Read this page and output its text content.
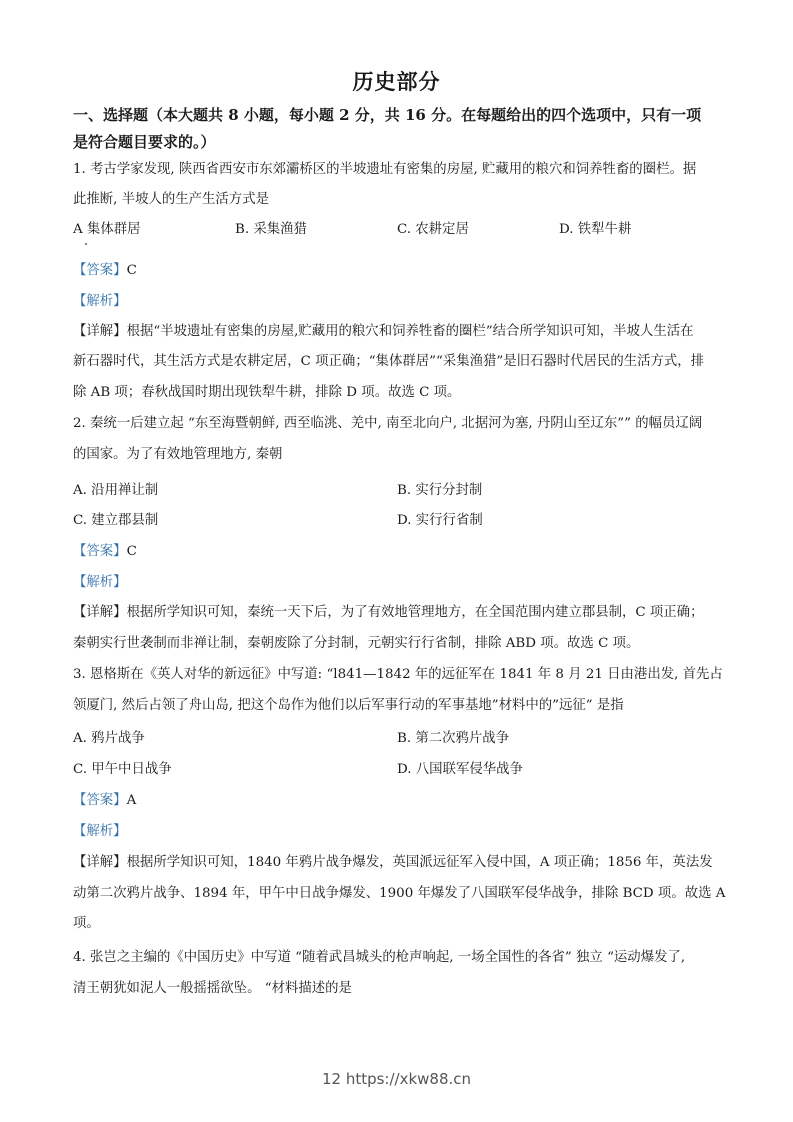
历史部分
一、选择题（本大题共 8 小题，每小题 2 分，共 16 分。在每题给出的四个选项中，只有一项
是符合题目要求的。）
1. 考古学家发现, 陕西省西安市东郊灞桥区的半坡遗址有密集的房屋, 贮藏用的粮穴和饲养牲畜的圈栏。据
此推断, 半坡人的生产生活方式是
A 集体群居	B. 采集渔猎	C. 农耕定居	D. 铁犁牛耕
【答案】C
【解析】
【详解】根据“半坡遗址有密集的房屋,贮藏用的粮穴和饲养牲畜的圈栏”结合所学知识可知，半坡人生活在
新石器时代，其生活方式是农耕定居，C 项正确；“集体群居”“采集渔猎”是旧石器时代居民的生活方式，排
除 AB 项；春秋战国时期出现铁犁牛耕，排除 D 项。故选 C 项。
2. 秦统一后建立起 “东至海暨朝鲜, 西至临洮、羌中, 南至北向户, 北据河为塞, 丹阴山至辽东”” 的幅员辽阔
的国家。为了有效地管理地方, 秦朝
A. 沿用禅让制	B. 实行分封制
C. 建立郡县制	D. 实行行省制
【答案】C
【解析】
【详解】根据所学知识可知，秦统一天下后，为了有效地管理地方，在全国范围内建立郡县制，C 项正确；
秦朝实行世袭制而非禅让制，秦朝废除了分封制，元朝实行行省制，排除 ABD 项。故选 C 项。
3. 恩格斯在《英人对华的新远征》中写道: “l841—1842 年的远征军在 1841 年 8 月 21 日由港出发, 首先占
领厦门, 然后占领了舟山岛, 把这个岛作为他们以后军事行动的军事基地”材料中的”远征” 是指
A. 鸦片战争	B. 第二次鸦片战争
C. 甲午中日战争	D. 八国联军侵华战争
【答案】A
【解析】
【详解】根据所学知识可知，1840 年鸦片战争爆发，英国派远征军入侵中国，A 项正确；1856 年，英法发
动第二次鸦片战争、1894 年，甲午中日战争爆发、1900 年爆发了八国联军侵华战争，排除 BCD 项。故选 A
项。
4. 张岂之主编的《中国历史》中写道 “随着武昌城头的枪声响起, 一场全国性的各省” 独立 “运动爆发了,
清王朝犹如泥人一般摇摇欲坠。 “材料描述的是
12 https://xkw88.cn
